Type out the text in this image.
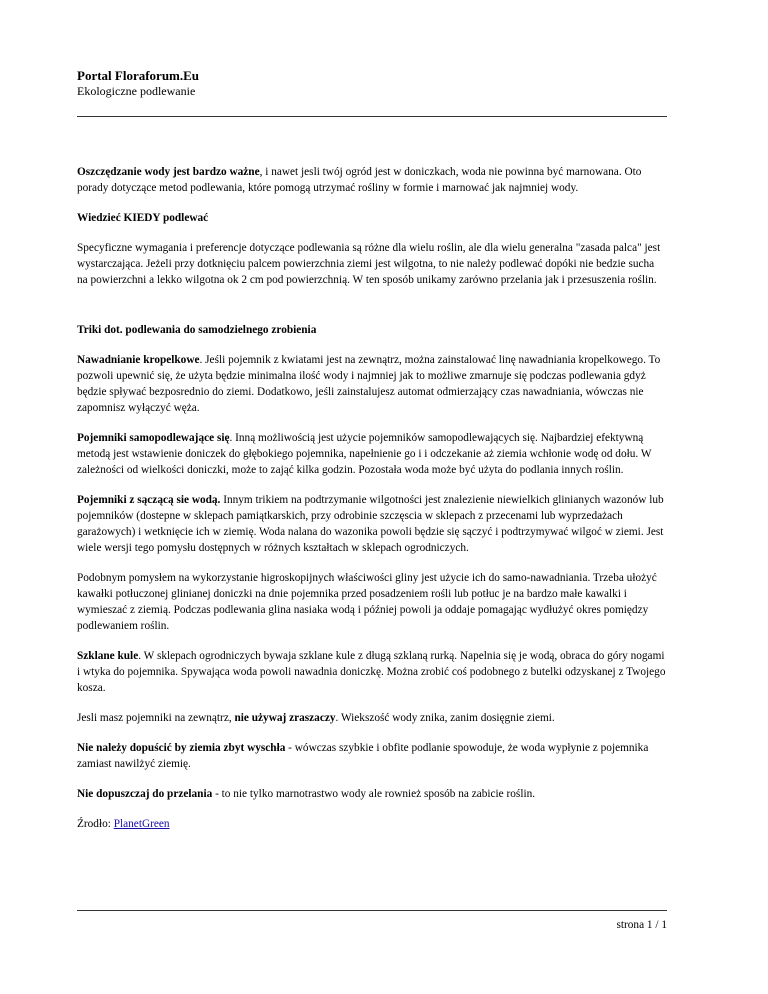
Portal Floraforum.Eu
Ekologiczne podlewanie

Oszczędzanie wody jest bardzo ważne, i nawet jesli twój ogród jest w doniczkach, woda nie powinna być marnowana. Oto porady dotyczące metod podlewania, które pomogą utrzymać rośliny w formie i marnować jak najmniej wody.

Wiedzieć KIEDY podlewać

Specyficzne wymagania i preferencje dotyczące podlewania są różne dla wielu roślin, ale dla wielu generalna "zasada palca" jest wystarczająca. Jeżeli przy dotknięciu palcem powierzchnia ziemi jest wilgotna, to nie należy podlewać dopóki nie bedzie sucha na powierzchni a lekko wilgotna ok 2 cm pod powierzchnią. W ten sposób unikamy zarówno przelania jak i przesuszenia roślin.

Triki dot. podlewania do samodzielnego zrobienia

Nawadnianie kropelkowe. Jeśli pojemnik z kwiatami jest na zewnątrz, można zainstalować linę nawadniania kropelkowego. To pozwoli upewnić się, że użyta będzie minimalna ilość wody i najmniej jak to możliwe zmarnuje się podczas podlewania gdyż będzie spływać bezposrednio do ziemi. Dodatkowo, jeśli zainstalujesz automat odmierzający czas nawadniania, wówczas nie zapomnisz wyłączyć węża.

Pojemniki samopodlewające się. Inną możliwością jest użycie pojemników samopodlewających się. Najbardziej efektywną metodą jest wstawienie doniczek do głębokiego pojemnika, napełnienie go i i odczekanie aż ziemia wchłonie wodę od dołu. W zależności od wielkości doniczki, może to zająć kilka godzin. Pozostała woda może być użyta do podlania innych roślin.

Pojemniki z sączącą sie wodą. Innym trikiem na podtrzymanie wilgotności jest znalezienie niewielkich glinianych wazonów lub pojemników (dostepne w sklepach pamiątkarskich, przy odrobinie szczęscia w sklepach z przecenami lub wyprzedażach garażowych) i wetknięcie ich w ziemię. Woda nalana do wazonika powoli będzie się sączyć i podtrzymywać wilgoć w ziemi. Jest wiele wersji tego pomysłu dostępnych w różnych kształtach w sklepach ogrodniczych.

Podobnym pomysłem na wykorzystanie higroskopijnych właściwości gliny jest użycie ich do samo-nawadniania. Trzeba ułożyć kawałki potłuczonej glinianej doniczki na dnie pojemnika przed posadzeniem rośli lub potłuc je na bardzo małe kawalki i wymieszać z ziemią. Podczas podlewania glina nasiaka wodą i później powoli ja oddaje pomagając wydłużyć okres pomiędzy podlewaniem roślin.

Szklane kule. W sklepach ogrodniczych bywaja szklane kule z długą szklaną rurką. Napelnia się je wodą, obraca do góry nogami i wtyka do pojemnika. Spywająca woda powoli nawadnia doniczkę. Można zrobić coś podobnego z butelki odzyskanej z Twojego kosza.

Jesli masz pojemniki na zewnątrz, nie używaj zraszaczy. Wiekszość wody znika, zanim dosięgnie ziemi.

Nie należy dopuścić by ziemia zbyt wyschła - wówczas szybkie i obfite podlanie spowoduje, że woda wypłynie z pojemnika zamiast nawilżyć ziemię.

Nie dopuszczaj do przelania - to nie tylko marnotrastwo wody ale rownież sposób na zabicie roślin.

Źrodło: PlanetGreen

strona 1 / 1
